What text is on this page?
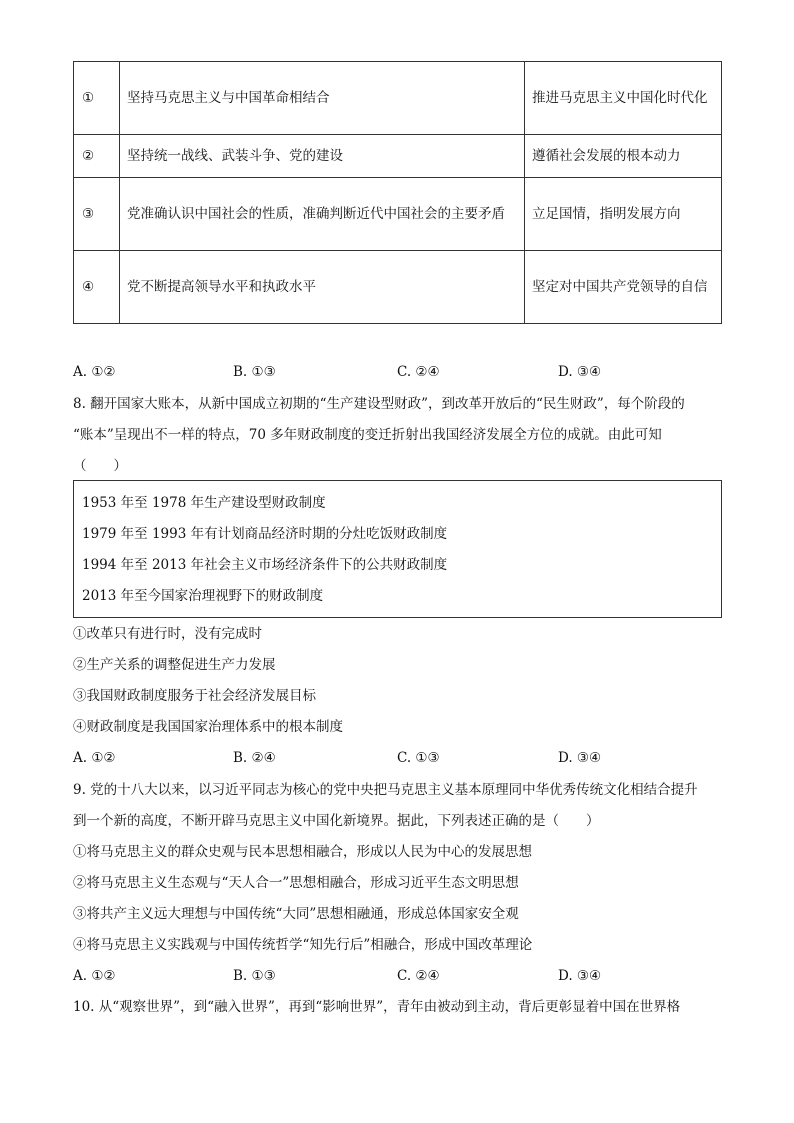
①	坚持马克思主义与中国革命相结合	推进马克思主义中国化时代化
②	坚持统一战线、武装斗争、党的建设	遵循社会发展的根本动力
③	党准确认识中国社会的性质，准确判断近代中国社会的主要矛盾	立足国情，指明发展方向
④	党不断提高领导水平和执政水平	坚定对中国共产党领导的自信
A. ①②	B. ①③	C. ②④	D. ③④
8. 翻开国家大账本，从新中国成立初期的“生产建设型财政”，到改革开放后的“民生财政”，每个阶段的
“账本”呈现出不一样的特点，70 多年财政制度的变迁折射出我国经济发展全方位的成就。由此可知
（　　）
1953 年至 1978 年生产建设型财政制度
1979 年至 1993 年有计划商品经济时期的分灶吃饭财政制度
1994 年至 2013 年社会主义市场经济条件下的公共财政制度
2013 年至今国家治理视野下的财政制度
①改革只有进行时，没有完成时
②生产关系的调整促进生产力发展
③我国财政制度服务于社会经济发展目标
④财政制度是我国国家治理体系中的根本制度
A. ①②	B. ②④	C. ①③	D. ③④
9. 党的十八大以来，以习近平同志为核心的党中央把马克思主义基本原理同中华优秀传统文化相结合提升
到一个新的高度，不断开辟马克思主义中国化新境界。据此，下列表述正确的是（　　）
①将马克思主义的群众史观与民本思想相融合，形成以人民为中心的发展思想
②将马克思主义生态观与“天人合一”思想相融合，形成习近平生态文明思想
③将共产主义远大理想与中国传统“大同”思想相融通，形成总体国家安全观
④将马克思主义实践观与中国传统哲学“知先行后”相融合，形成中国改革理论
A. ①②	B. ①③	C. ②④	D. ③④
10. 从“观察世界”，到“融入世界”，再到“影响世界”，青年由被动到主动，背后更彰显着中国在世界格
